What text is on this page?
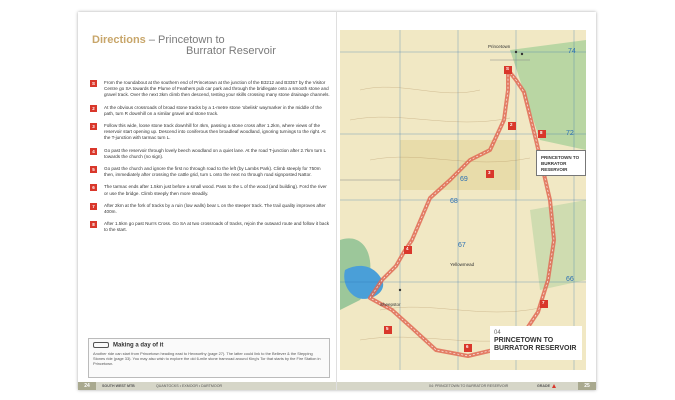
Directions – Princetown to
Burrator Reservoir
S	From the roundabout at the southern end of Princetown at the junction of the B3212 and B3357 by the Visitor Centre go SA towards the Plume of Feathers pub car park and through the bridlegate onto a smooth stone and gravel track. Over the next 3km climb then descend, testing your skills crossing many stone drainage channels.
2	At the obvious crossroads of broad stone tracks by a 1-metre stone 'obelisk' waymarker in the middle of the path, turn R downhill on a similar gravel and stone track.
3	Follow this wide, loose stone track downhill for 4km, passing a stone cross after 1.2km, where views of the reservoir start opening up. Descend into coniferous then broadleaf woodland, ignoring turnings to the right. At the T-junction with tarmac turn L.
4	Go past the reservoir through lovely beech woodland on a quiet lane. At the road T-junction after 2.7km turn L towards the church (no sign).
5	Go past the church and ignore the first no through road to the left (by Lambs Park). Climb steeply for 750m then, immediately after crossing the cattle grid, turn L onto the next no through road signposted Nattor.
6	The tarmac ends after 1.5km just before a small wood. Pass to the L of the wood (and building). Ford the river or use the bridge. Climb steeply then more steadily.
7	After 2km at the fork of tracks by a ruin (low walls) bear L on the steeper track. The trail quality improves after 400m.
8	After 1.5km go past Nun's Cross. Go SA at two crossroads of tracks, rejoin the outward route and follow it back to the start.
Making a day of it
Another ride can start from Princetown heading east to Hexworthy (page 27). The latter could link to the Bellever & the Stepping Stones ride (page 33). You may also wish to explore the old 6-mile stone tramroad around King's Tor that starts by the Fire Station in Princetown.
24	SOUTH WEST MTB	QUANTOCKS • EXMOOR • DARTMOOR	04: PRINCETOWN TO BURRATOR RESERVOIR	GRADE	25
Princetown
Yellowmead
Sheepstor
74
72
69
68
67
66
S
2
3
4
5
6
7
8
PRINCETOWN TO
BURRATOR RESERVOIR
04
PRINCETOWN TO
BURRATOR RESERVOIR
